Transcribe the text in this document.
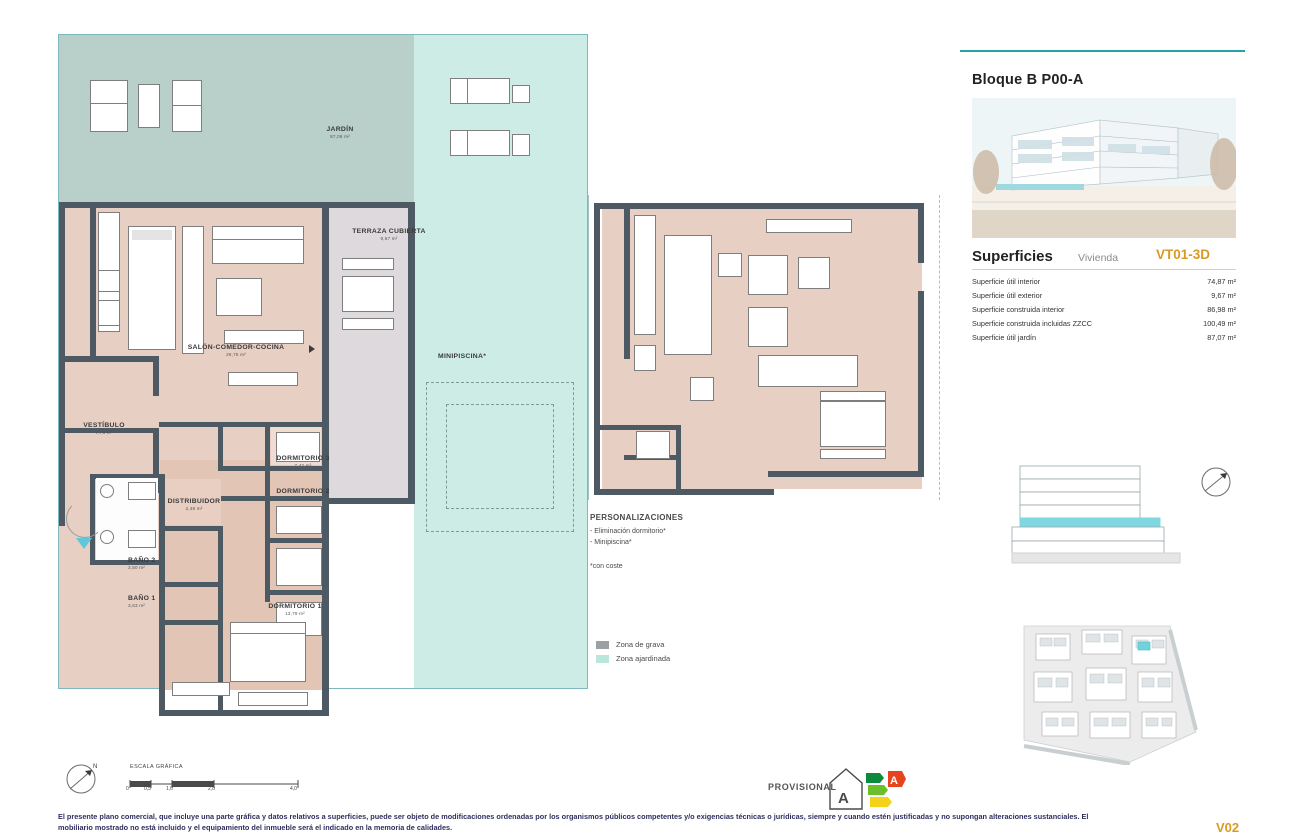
JARDÍN
87,06 m²
TERRAZA CUBIERTA
9,67 m²
MINIPISCINA*
SALÓN-COMEDOR-COCINA
26,75 m²
VESTÍBULO
7,75 m²
DISTRIBUIDOR
2,48 m²
DORMITORIO 3
7,42 m²
DORMITORIO 2
9,54 m²
DORMITORIO 1
13,79 m²
BAÑO 2
3,50 m²
BAÑO 1
3,63 m²
PERSONALIZACIONES
- Eliminación dormitorio*
- Minipiscina*
*con coste
Zona de grava
Zona ajardinada
Bloque B P00-A
Superficies Vivienda	VT01-3D
Superficie útil interior	74,87 m²
Superficie útil exterior	9,67 m²
Superficie construida interior	86,98 m²
Superficie construida incluidas ZZCC	100,49 m²
Superficie útil jardín	87,07 m²
N	ESCALA GRÁFICA
0	0,5	1,0	2,0	4,0	PROVISIONAL
A
A
El presente plano comercial, que incluye una parte gráfica y datos relativos a superficies, puede ser objeto de modificaciones ordenadas por los organismos públicos competentes y/o exigencias técnicas o jurídicas, siempre y cuando estén justificadas y no supongan alteraciones sustanciales. El mobiliario mostrado no está incluido y el equipamiento del inmueble será el indicado en la memoria de calidades.	V02
